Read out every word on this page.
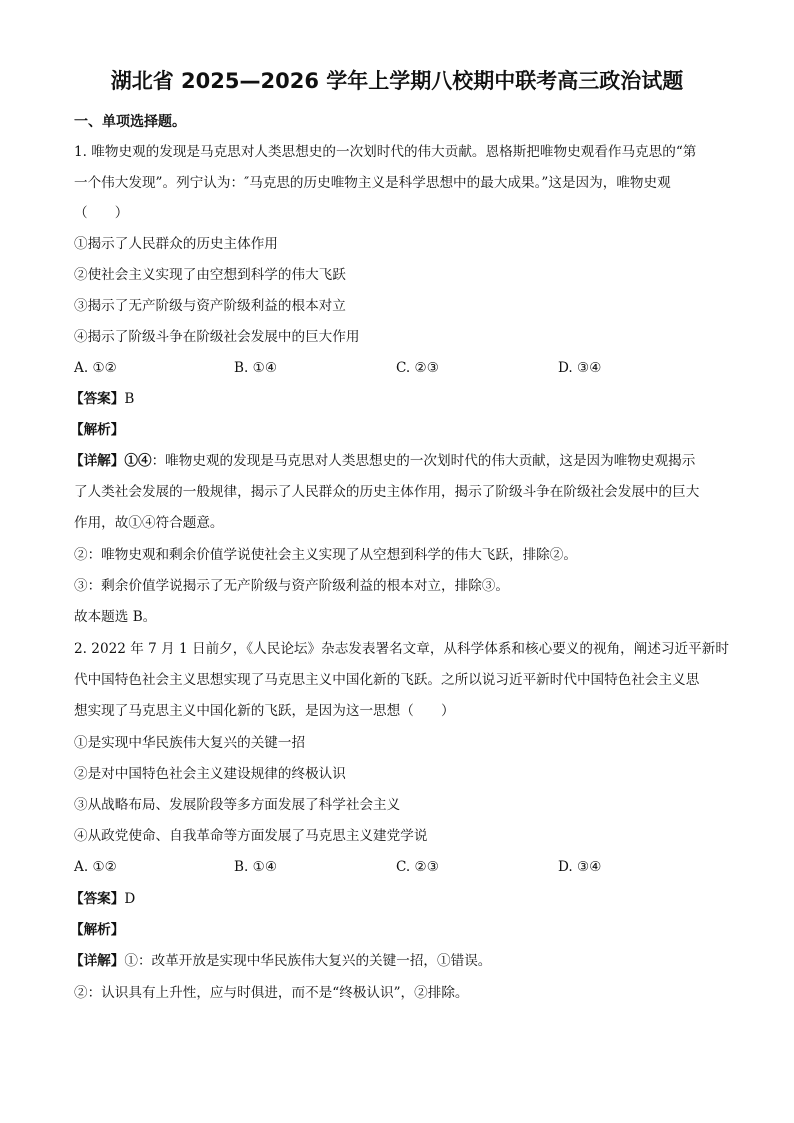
湖北省 2025—2026 学年上学期八校期中联考高三政治试题
一、单项选择题。
1. 唯物史观的发现是马克思对人类思想史的一次划时代的伟大贡献。恩格斯把唯物史观看作马克思的“第
一个伟大发现”。列宁认为：″马克思的历史唯物主义是科学思想中的最大成果。”这是因为，唯物史观
（　　）
①揭示了人民群众的历史主体作用
②使社会主义实现了由空想到科学的伟大飞跃
③揭示了无产阶级与资产阶级利益的根本对立
④揭示了阶级斗争在阶级社会发展中的巨大作用
A. ①②	B. ①④	C. ②③	D. ③④
【答案】B
【解析】
【详解】①④：唯物史观的发现是马克思对人类思想史的一次划时代的伟大贡献，这是因为唯物史观揭示
了人类社会发展的一般规律，揭示了人民群众的历史主体作用，揭示了阶级斗争在阶级社会发展中的巨大
作用，故①④符合题意。
②：唯物史观和剩余价值学说使社会主义实现了从空想到科学的伟大飞跃，排除②。
③：剩余价值学说揭示了无产阶级与资产阶级利益的根本对立，排除③。
故本题选 B。
2. 2022 年 7 月 1 日前夕，《人民论坛》杂志发表署名文章，从科学体系和核心要义的视角，阐述习近平新时
代中国特色社会主义思想实现了马克思主义中国化新的飞跃。之所以说习近平新时代中国特色社会主义思
想实现了马克思主义中国化新的飞跃，是因为这一思想（　　）
①是实现中华民族伟大复兴的关键一招
②是对中国特色社会主义建设规律的终极认识
③从战略布局、发展阶段等多方面发展了科学社会主义
④从政党使命、自我革命等方面发展了马克思主义建党学说
A. ①②	B. ①④	C. ②③	D. ③④
【答案】D
【解析】
【详解】①：改革开放是实现中华民族伟大复兴的关键一招，①错误。
②：认识具有上升性，应与时俱进，而不是“终极认识”，②排除。
